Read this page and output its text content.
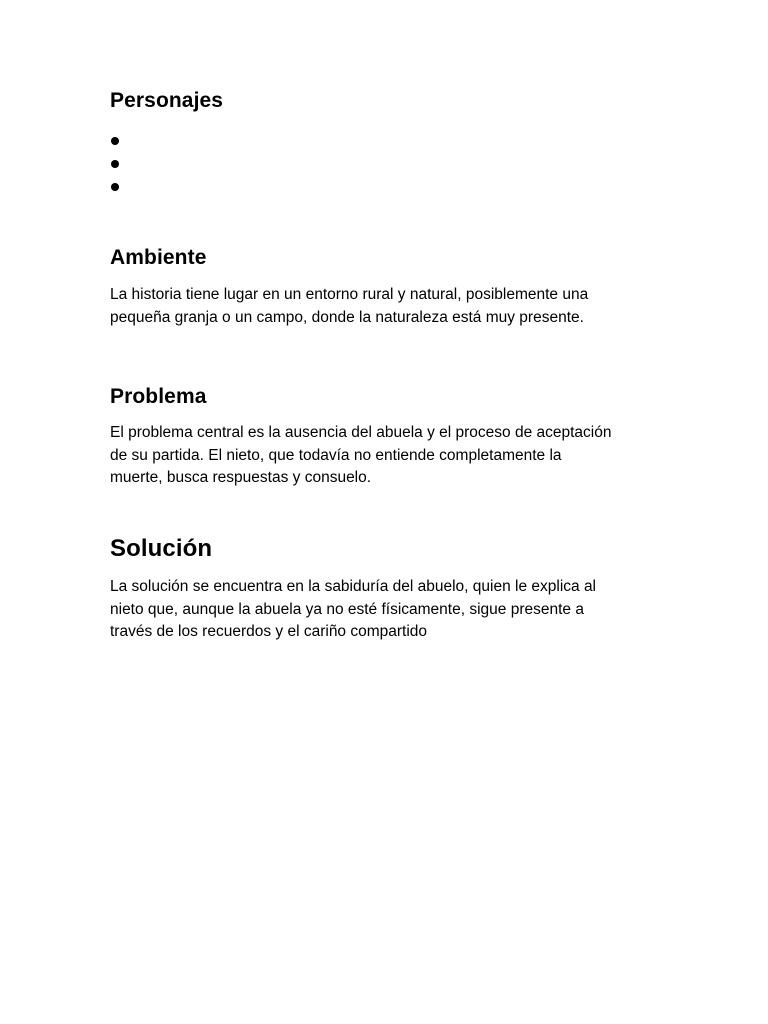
Personajes
Ambiente

La historia tiene lugar en un entorno rural y natural, posiblemente una
pequeña granja o un campo, donde la naturaleza está muy presente.

Problema

El problema central es la ausencia del abuela y el proceso de aceptación
de su partida. El nieto, que todavía no entiende completamente la
muerte, busca respuestas y consuelo.

Solución

La solución se encuentra en la sabiduría del abuelo, quien le explica al
nieto que, aunque la abuela ya no esté físicamente, sigue presente a
través de los recuerdos y el cariño compartido
